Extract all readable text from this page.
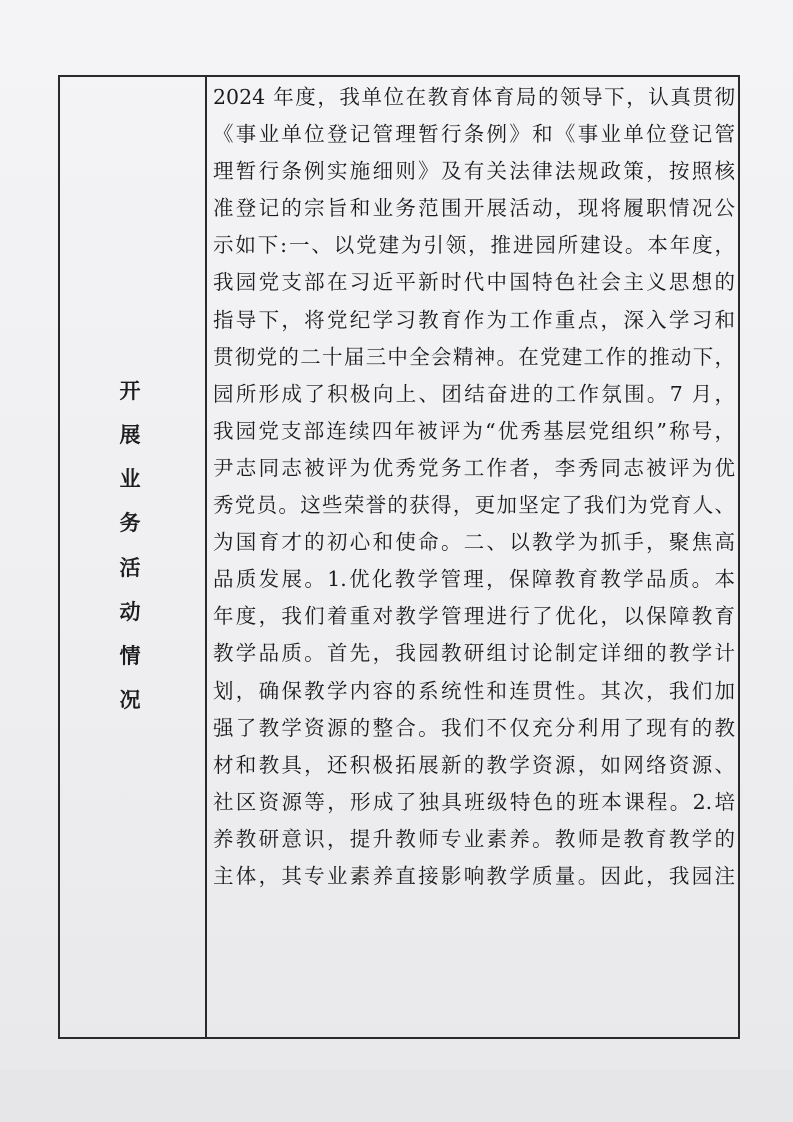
开
展
业
务
活
动
情
况
2024 年度，我单位在教育体育局的领导下，认真贯彻
《事业单位登记管理暂行条例》和《事业单位登记管
理暂行条例实施细则》及有关法律法规政策，按照核
准登记的宗旨和业务范围开展活动，现将履职情况公
示如下:一、以党建为引领，推进园所建设。本年度，
我园党支部在习近平新时代中国特色社会主义思想的
指导下，将党纪学习教育作为工作重点，深入学习和
贯彻党的二十届三中全会精神。在党建工作的推动下，
园所形成了积极向上、团结奋进的工作氛围。7 月，
我园党支部连续四年被评为“优秀基层党组织”称号，
尹志同志被评为优秀党务工作者，李秀同志被评为优
秀党员。这些荣誉的获得，更加坚定了我们为党育人、
为国育才的初心和使命。二、以教学为抓手，聚焦高
品质发展。1.优化教学管理，保障教育教学品质。本
年度，我们着重对教学管理进行了优化，以保障教育
教学品质。首先，我园教研组讨论制定详细的教学计
划，确保教学内容的系统性和连贯性。其次，我们加
强了教学资源的整合。我们不仅充分利用了现有的教
材和教具，还积极拓展新的教学资源，如网络资源、
社区资源等，形成了独具班级特色的班本课程。2.培
养教研意识，提升教师专业素养。教师是教育教学的
主体，其专业素养直接影响教学质量。因此，我园注
